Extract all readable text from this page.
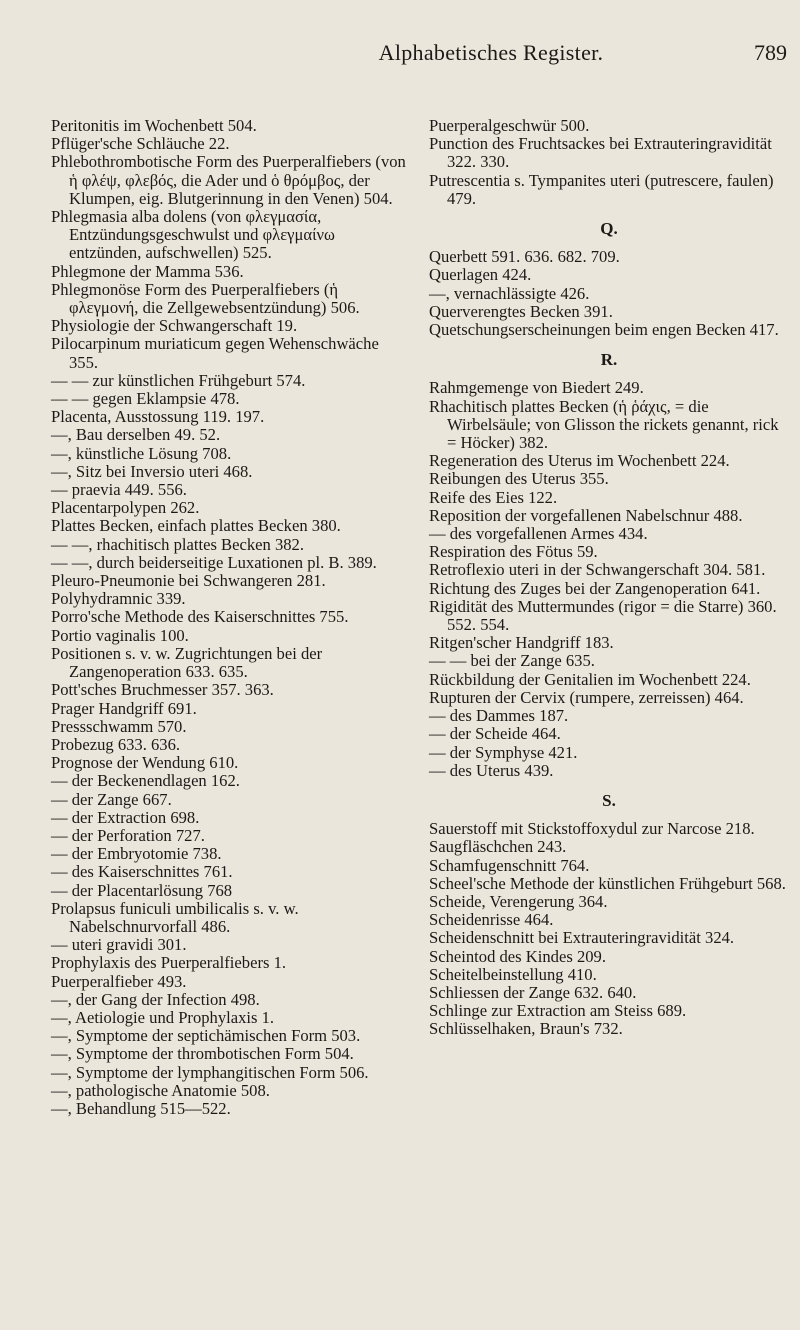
Alphabetisches Register.	789

Peritonitis im Wochenbett 504.

Pflüger'sche Schläuche 22.

Phlebothrombotische Form des Puerperalfiebers (von ἡ φλέψ, φλεβός, die Ader und ὁ θρόμβος, der Klumpen, eig. Blutgerinnung in den Venen) 504.

Phlegmasia alba dolens (von φλεγμασία, Entzündungsgeschwulst und φλεγμαίνω entzünden, aufschwellen) 525.

Phlegmone der Mamma 536.

Phlegmonöse Form des Puerperalfiebers (ἡ φλεγμονή, die Zellgewebsentzündung) 506.

Physiologie der Schwangerschaft 19.

Pilocarpinum muriaticum gegen Wehenschwäche 355.

— — zur künstlichen Frühgeburt 574.

— — gegen Eklampsie 478.

Placenta, Ausstossung 119. 197.

—, Bau derselben 49. 52.

—, künstliche Lösung 708.

—, Sitz bei Inversio uteri 468.

— praevia 449. 556.

Placentarpolypen 262.

Plattes Becken, einfach plattes Becken 380.

— —, rhachitisch plattes Becken 382.

— —, durch beiderseitige Luxationen pl. B. 389.

Pleuro-Pneumonie bei Schwangeren 281.

Polyhydramnic 339.

Porro'sche Methode des Kaiserschnittes 755.

Portio vaginalis 100.

Positionen s. v. w. Zugrichtungen bei der Zangenoperation 633. 635.

Pott'sches Bruchmesser 357. 363.

Prager Handgriff 691.

Pressschwamm 570.

Probezug 633. 636.

Prognose der Wendung 610.

— der Beckenendlagen 162.

— der Zange 667.

— der Extraction 698.

— der Perforation 727.

— der Embryotomie 738.

— des Kaiserschnittes 761.

— der Placentarlösung 768

Prolapsus funiculi umbilicalis s. v. w. Nabelschnurvorfall 486.

— uteri gravidi 301.

Prophylaxis des Puerperalfiebers 1.

Puerperalfieber 493.

—, der Gang der Infection 498.

—, Aetiologie und Prophylaxis 1.

—, Symptome der septichämischen Form 503.

—, Symptome der thrombotischen Form 504.

—, Symptome der lymphangitischen Form 506.

—, pathologische Anatomie 508.

—, Behandlung 515—522.

Puerperalgeschwür 500.

Punction des Fruchtsackes bei Extrauteringravidität 322. 330.

Putrescentia s. Tympanites uteri (putrescere, faulen) 479.

Q.

Querbett 591. 636. 682. 709.

Querlagen 424.

—, vernachlässigte 426.

Querverengtes Becken 391.

Quetschungserscheinungen beim engen Becken 417.

R.

Rahmgemenge von Biedert 249.

Rhachitisch plattes Becken (ἡ ῥάχις, = die Wirbelsäule; von Glisson the rickets genannt, rick = Höcker) 382.

Regeneration des Uterus im Wochenbett 224.

Reibungen des Uterus 355.

Reife des Eies 122.

Reposition der vorgefallenen Nabelschnur 488.

— des vorgefallenen Armes 434.

Respiration des Fötus 59.

Retroflexio uteri in der Schwangerschaft 304. 581.

Richtung des Zuges bei der Zangenoperation 641.

Rigidität des Muttermundes (rigor = die Starre) 360. 552. 554.

Ritgen'scher Handgriff 183.

— — bei der Zange 635.

Rückbildung der Genitalien im Wochenbett 224.

Rupturen der Cervix (rumpere, zerreissen) 464.

— des Dammes 187.

— der Scheide 464.

— der Symphyse 421.

— des Uterus 439.

S.

Sauerstoff mit Stickstoffoxydul zur Narcose 218.

Saugfläschchen 243.

Schamfugenschnitt 764.

Scheel'sche Methode der künstlichen Frühgeburt 568.

Scheide, Verengerung 364.

Scheidenrisse 464.

Scheidenschnitt bei Extrauteringravidität 324.

Scheintod des Kindes 209.

Scheitelbeinstellung 410.

Schliessen der Zange 632. 640.

Schlinge zur Extraction am Steiss 689.

Schlüsselhaken, Braun's 732.
